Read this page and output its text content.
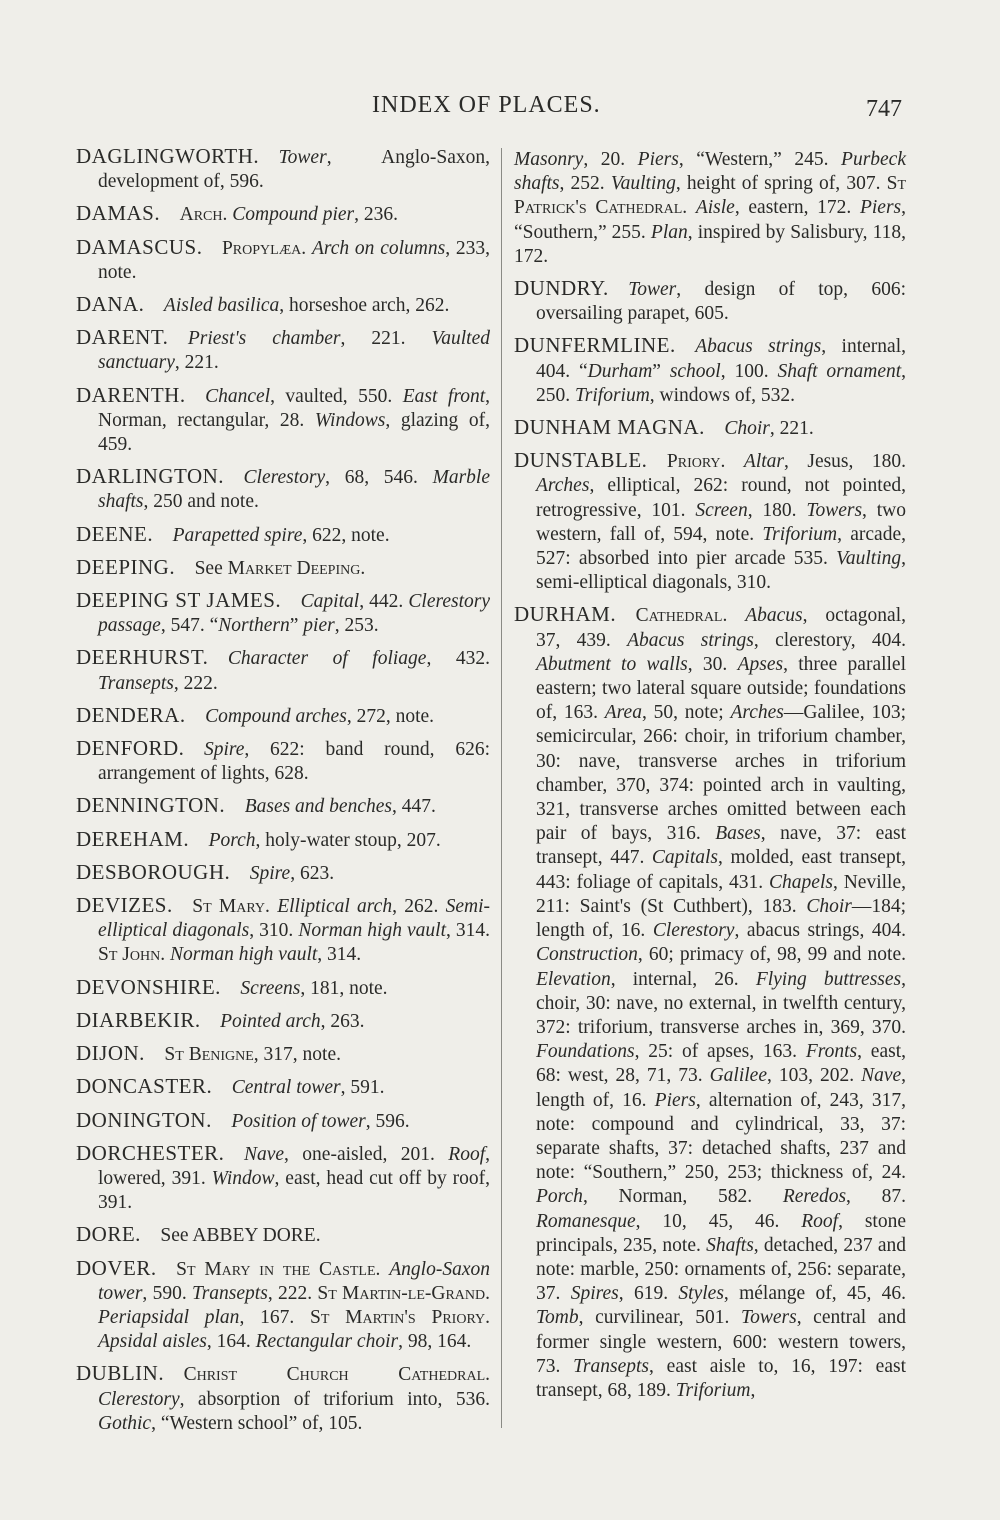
INDEX OF PLACES.	747
DAGLINGWORTH.  Tower, Anglo-Saxon, development of, 596.
DAMAS.  Arch. Compound pier, 236.
DAMASCUS.  Propylæa. Arch on columns, 233, note.
DANA.  Aisled basilica, horseshoe arch, 262.
DARENT.  Priest's chamber, 221. Vaulted sanctuary, 221.
DARENTH.  Chancel, vaulted, 550. East front, Norman, rectangular, 28. Windows, glazing of, 459.
DARLINGTON.  Clerestory, 68, 546. Marble shafts, 250 and note.
DEENE.  Parapetted spire, 622, note.
DEEPING.  See Market Deeping.
DEEPING ST JAMES.  Capital, 442. Clerestory passage, 547. “Northern” pier, 253.
DEERHURST.  Character of foliage, 432. Transepts, 222.
DENDERA.  Compound arches, 272, note.
DENFORD.  Spire, 622: band round, 626: arrangement of lights, 628.
DENNINGTON.  Bases and benches, 447.
DEREHAM.  Porch, holy-water stoup, 207.
DESBOROUGH.  Spire, 623.
DEVIZES.  St Mary. Elliptical arch, 262. Semi-elliptical diagonals, 310. Norman high vault, 314. St John. Norman high vault, 314.
DEVONSHIRE.  Screens, 181, note.
DIARBEKIR.  Pointed arch, 263.
DIJON.  St Benigne, 317, note.
DONCASTER.  Central tower, 591.
DONINGTON.  Position of tower, 596.
DORCHESTER.  Nave, one-aisled, 201. Roof, lowered, 391. Window, east, head cut off by roof, 391.
DORE.  See ABBEY DORE.
DOVER.  St Mary in the Castle. Anglo-Saxon tower, 590. Transepts, 222. St Martin-le-Grand. Periapsidal plan, 167. St Martin's Priory. Apsidal aisles, 164. Rectangular choir, 98, 164.
DUBLIN.  Christ Church Cathedral. Clerestory, absorption of triforium into, 536. Gothic, “Western school” of, 105.
Masonry, 20. Piers, “Western,” 245. Purbeck shafts, 252. Vaulting, height of spring of, 307. St Patrick's Cathedral. Aisle, eastern, 172. Piers, “Southern,” 255. Plan, inspired by Salisbury, 118, 172.
DUNDRY.  Tower, design of top, 606: oversailing parapet, 605.
DUNFERMLINE.  Abacus strings, internal, 404. “Durham” school, 100. Shaft ornament, 250. Triforium, windows of, 532.
DUNHAM MAGNA.  Choir, 221.
DUNSTABLE.  Priory. Altar, Jesus, 180. Arches, elliptical, 262: round, not pointed, retrogressive, 101. Screen, 180. Towers, two western, fall of, 594, note. Triforium, arcade, 527: absorbed into pier arcade 535. Vaulting, semi-elliptical diagonals, 310.
DURHAM.  Cathedral. Abacus, octagonal, 37, 439. Abacus strings, clerestory, 404. Abutment to walls, 30. Apses, three parallel eastern; two lateral square outside; foundations of, 163. Area, 50, note; Arches—Galilee, 103; semicircular, 266: choir, in triforium chamber, 30: nave, transverse arches in triforium chamber, 370, 374: pointed arch in vaulting, 321, transverse arches omitted between each pair of bays, 316. Bases, nave, 37: east transept, 447. Capitals, molded, east transept, 443: foliage of capitals, 431. Chapels, Neville, 211: Saint's (St Cuthbert), 183. Choir—184; length of, 16. Clerestory, abacus strings, 404. Construction, 60; primacy of, 98, 99 and note. Elevation, internal, 26. Flying buttresses, choir, 30: nave, no external, in twelfth century, 372: triforium, transverse arches in, 369, 370. Foundations, 25: of apses, 163. Fronts, east, 68: west, 28, 71, 73. Galilee, 103, 202. Nave, length of, 16. Piers, alternation of, 243, 317, note: compound and cylindrical, 33, 37: separate shafts, 37: detached shafts, 237 and note: “Southern,” 250, 253; thickness of, 24. Porch, Norman, 582. Reredos, 87. Romanesque, 10, 45, 46. Roof, stone principals, 235, note. Shafts, detached, 237 and note: marble, 250: ornaments of, 256: separate, 37. Spires, 619. Styles, mélange of, 45, 46. Tomb, curvilinear, 501. Towers, central and former single western, 600: western towers, 73. Transepts, east aisle to, 16, 197: east transept, 68, 189. Triforium,
